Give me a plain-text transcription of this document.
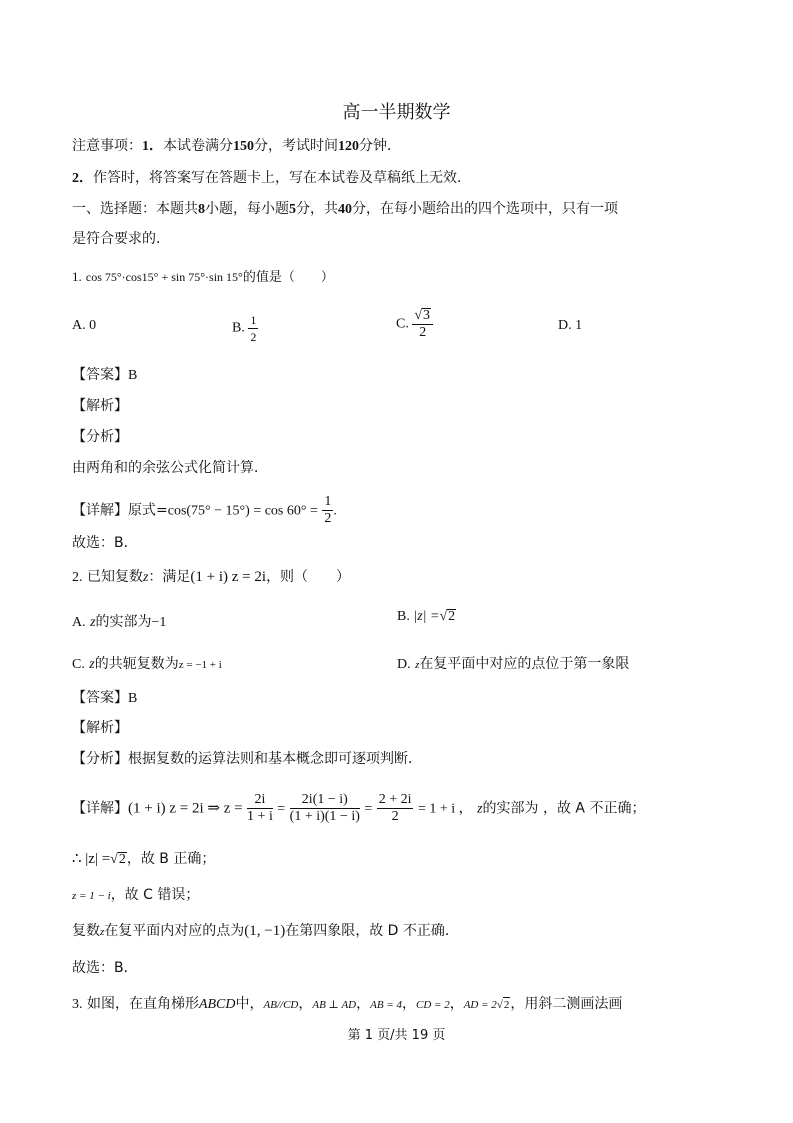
高一半期数学
注意事项：1．本试卷满分150分，考试时间120分钟．
2．作答时，将答案写在答题卡上，写在本试卷及草稿纸上无效．
一、选择题：本题共8小题，每小题5分，共40分，在每小题给出的四个选项中，只有一项
是符合要求的．
1. cos 75°·cos15° + sin 75°·sin 15°的值是（　　）
A. 0	B. $\frac{1}{2}$	C. $\frac{√3}{2}$	D. 1
【答案】B
【解析】
【分析】
由两角和的余弦公式化简计算．
【详解】原式$=\cos(75^\circ - 15^\circ) = \cos 60^\circ = \frac{1}{2}$ .
故选：B．
2. 已知复数z：满足(1 + i) z = 2i，则（　　）
A. z的实部为−1	B. |z| =√2
C. z的共轭复数为z = −1 + i	D. z在复平面中对应的点位于第一象限
【答案】B
【解析】
【分析】根据复数的运算法则和基本概念即可逐项判断．
【详解】(1 + i) z = 2i ⇒ $z = \frac{2i}{1 + i} = \frac{2i(1 - i)}{(1 + i)(1 - i)} = \frac{2 + 2i}{2} = 1 + i$ ， z的实部为 ，故 A 不正确；
∴ |z| =√2，故 B 正确；
z = 1 − i，故 C 错误；
复数z在复平面内对应的点为(1, −1)在第四象限，故 D 不正确．
故选：B．
3. 如图，在直角梯形ABCD中，AB//CD，AB ⊥ AD，AB = 4，CD = 2，AD = 2√2，用斜二测画法画
第 1 页/共 19 页
